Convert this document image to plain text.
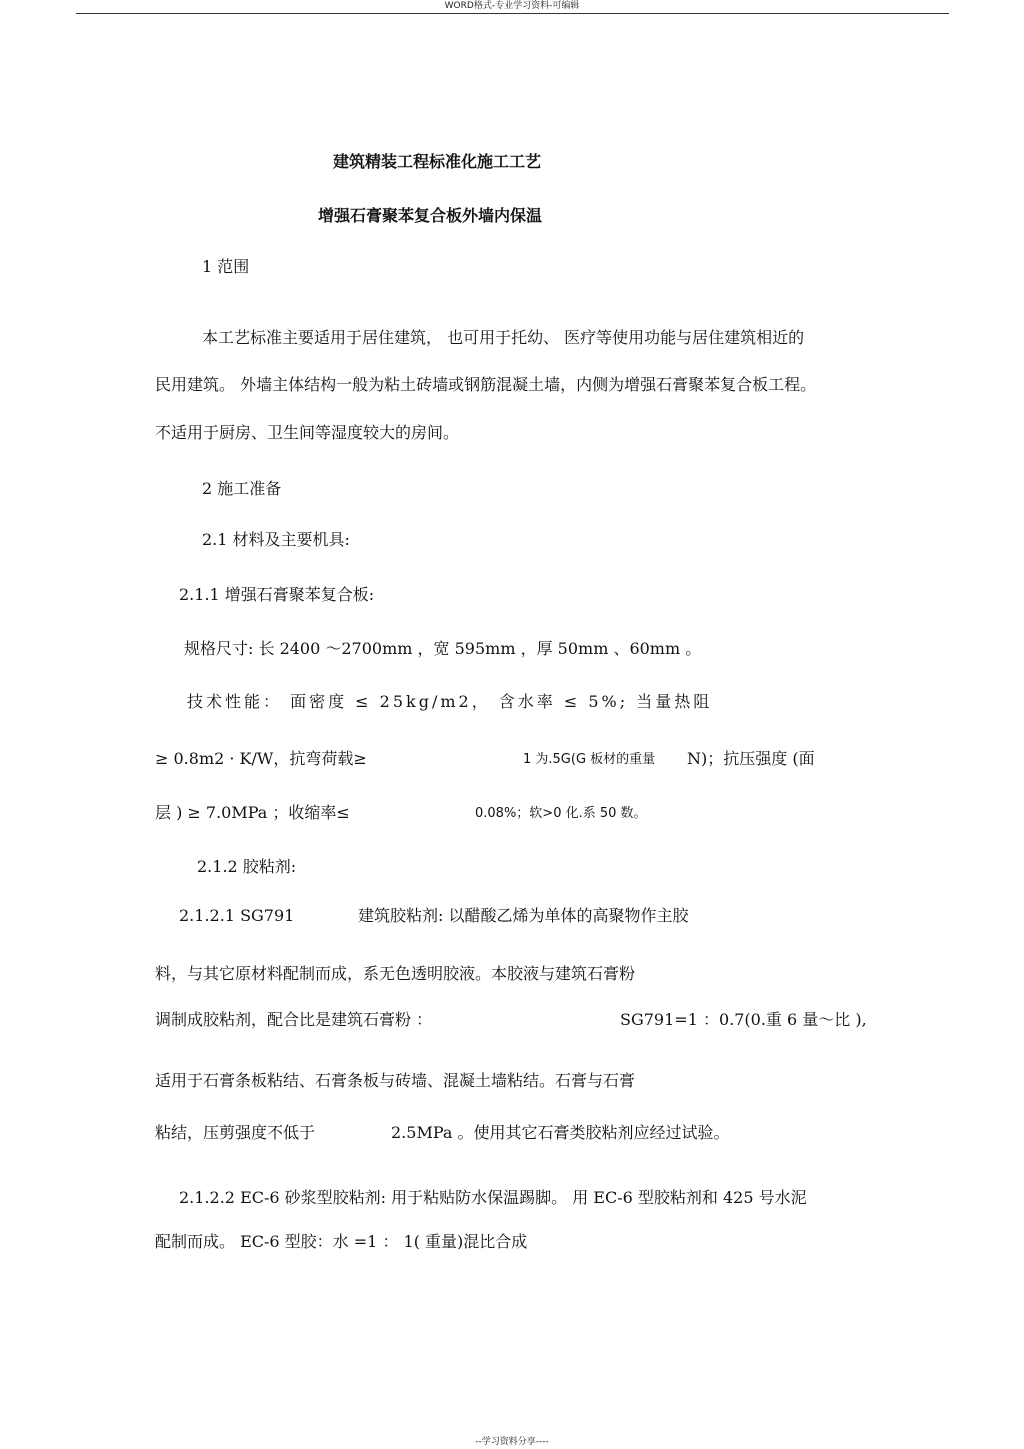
WORD格式-专业学习资料-可编辑
建筑精装工程标准化施工工艺
增强石膏聚苯复合板外墙内保温
1 范围
本工艺标准主要适用于居住建筑， 也可用于托幼、 医疗等使用功能与居住建筑相近的
民用建筑。 外墙主体结构一般为粘土砖墙或钢筋混凝土墙，内侧为增强石膏聚苯复合板工程。
不适用于厨房、卫生间等湿度较大的房间。
2 施工准备
2.1 材料及主要机具:
2.1.1 增强石膏聚苯复合板:
规格尺寸: 长 2400 ～2700mm ，宽 595mm ，厚 50mm 、60mm 。
技术性能： 面密度 ≤ 25kg/m2， 含水率 ≤ 5%; 当量热阻
≥ 0.8m2 · K/W，抗弯荷载≥	1 为.5G(G 板材的重量 N)；抗压强度 (面
层 ) ≥ 7.0MPa ；收缩率≤	0.08%；软>0 化.系 50 数。
2.1.2 胶粘剂:
2.1.2.1 SG791	建筑胶粘剂: 以醋酸乙烯为单体的高聚物作主胶
料，与其它原材料配制而成，系无色透明胶液。本胶液与建筑石膏粉
调制成胶粘剂，配合比是建筑石膏粉 ：	SG791=1 ：0.7(0.重 6 量～比 ),
适用于石膏条板粘结、石膏条板与砖墙、混凝土墙粘结。石膏与石膏
粘结，压剪强度不低于	2.5MPa 。使用其它石膏类胶粘剂应经过试验。
2.1.2.2 EC-6 砂浆型胶粘剂: 用于粘贴防水保温踢脚。 用 EC-6 型胶粘剂和 425 号水泥
配制而成。 EC-6 型胶：水 =1 ： 1( 重量)混比合成
--学习资料分享----
